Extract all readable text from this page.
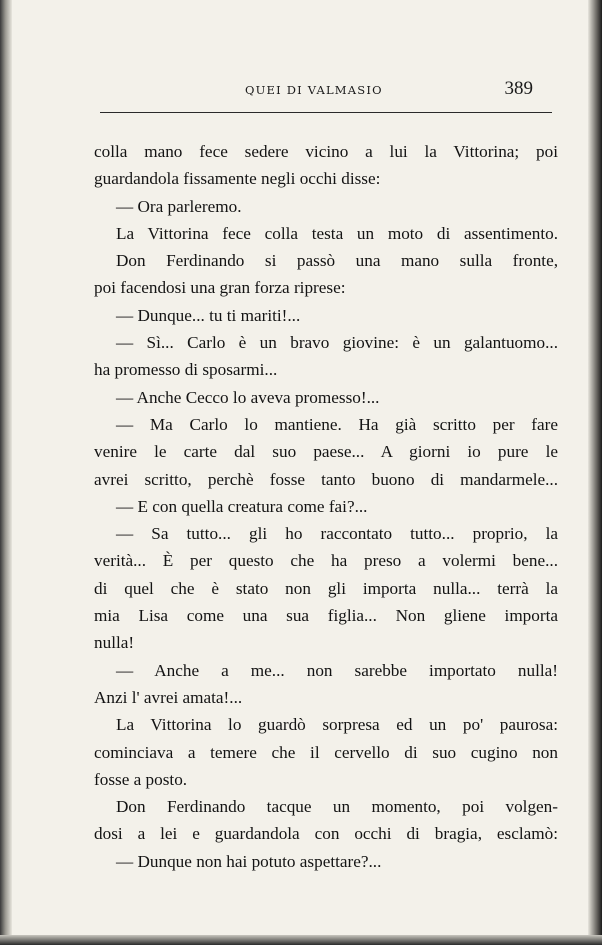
QUEI DI VALMASIO	389
colla mano fece sedere vicino a lui la Vittorina; poi
guardandola fissamente negli occhi disse:
— Ora parleremo.
La Vittorina fece colla testa un moto di assentimento.
Don Ferdinando si passò una mano sulla fronte,
poi facendosi una gran forza riprese:
— Dunque... tu ti mariti!...
— Sì... Carlo è un bravo giovine: è un galantuomo...
ha promesso di sposarmi...
— Anche Cecco lo aveva promesso!...
— Ma Carlo lo mantiene. Ha già scritto per fare
venire le carte dal suo paese... A giorni io pure le
avrei scritto, perchè fosse tanto buono di mandarmele...
— E con quella creatura come fai?...
— Sa tutto... gli ho raccontato tutto... proprio, la
verità... È per questo che ha preso a volermi bene...
di quel che è stato non gli importa nulla... terrà la
mia Lisa come una sua figlia... Non gliene importa
nulla!
— Anche a me... non sarebbe importato nulla!
Anzi l' avrei amata!...
La Vittorina lo guardò sorpresa ed un po' paurosa:
cominciava a temere che il cervello di suo cugino non
fosse a posto.
Don Ferdinando tacque un momento, poi volgen-
dosi a lei e guardandola con occhi di bragia, esclamò:
— Dunque non hai potuto aspettare?...
